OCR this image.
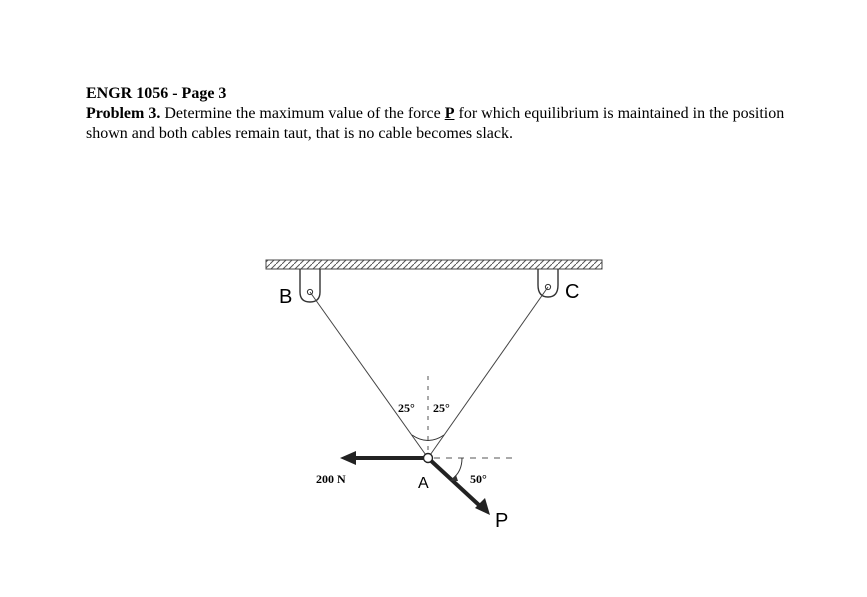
ENGR 1056 - Page 3

Problem 3. Determine the maximum value of the force P for which equilibrium is maintained in the position shown and both cables remain taut, that is no cable becomes slack.

B	C
25° 25°
A
200 N	50°
P
